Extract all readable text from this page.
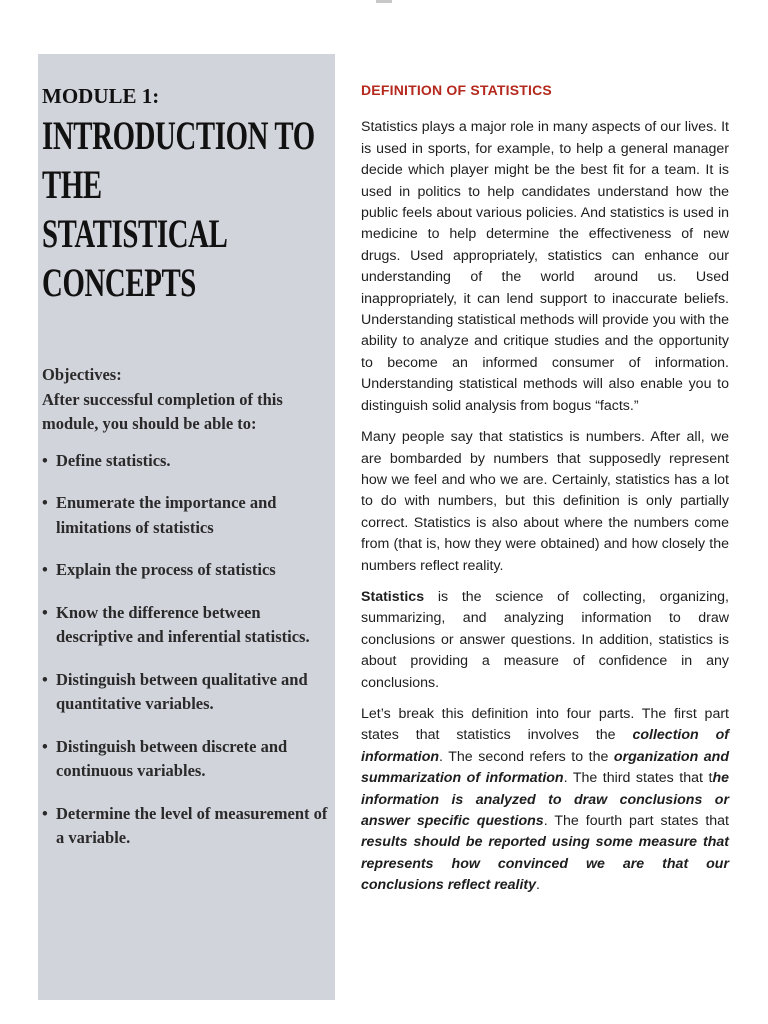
MODULE 1:
INTRODUCTION TO THE
STATISTICAL
CONCEPTS

Objectives:

After successful completion of this module, you should be able to:

• Define statistics.
• Enumerate the importance and limitations of statistics
• Explain the process of statistics
• Know the difference between descriptive and inferential statistics.
• Distinguish between qualitative and quantitative variables.
• Distinguish between discrete and continuous variables.
• Determine the level of measurement of a variable.
DEFINITION OF STATISTICS

Statistics plays a major role in many aspects of our lives. It is used in sports, for example, to help a general manager decide which player might be the best fit for a team. It is used in politics to help candidates understand how the public feels about various policies. And statistics is used in medicine to help determine the effectiveness of new drugs. Used appropriately, statistics can enhance our understanding of the world around us. Used inappropriately, it can lend support to inaccurate beliefs. Understanding statistical methods will provide you with the ability to analyze and critique studies and the opportunity to become an informed consumer of information. Understanding statistical methods will also enable you to distinguish solid analysis from bogus “facts.”

Many people say that statistics is numbers. After all, we are bombarded by numbers that supposedly represent how we feel and who we are. Certainly, statistics has a lot to do with numbers, but this definition is only partially correct. Statistics is also about where the numbers come from (that is, how they were obtained) and how closely the numbers reflect reality.

Statistics is the science of collecting, organizing, summarizing, and analyzing information to draw conclusions or answer questions. In addition, statistics is about providing a measure of confidence in any conclusions.

Let’s break this definition into four parts. The first part states that statistics involves the collection of information. The second refers to the organization and summarization of information. The third states that the information is analyzed to draw conclusions or answer specific questions. The fourth part states that results should be reported using some measure that represents how convinced we are that our conclusions reflect reality.
